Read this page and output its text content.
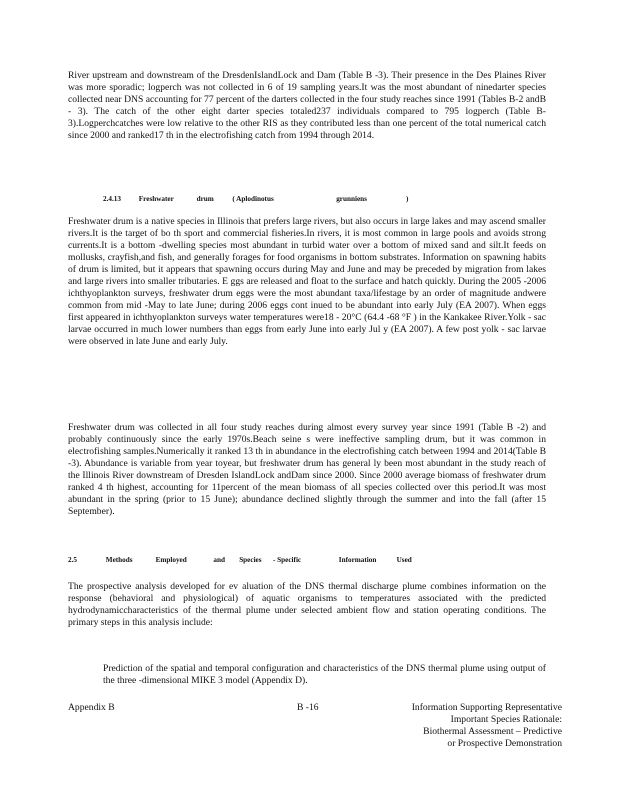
River upstream and downstream of the DresdenIslandLock and Dam (Table B -3). Their presence in the Des Plaines River was more sporadic; logperch was not collected in 6 of 19 sampling years.It was the most abundant of ninedarter species collected near DNS accounting for 77 percent of the darters collected in the four study reaches since 1991 (Tables B-2 andB - 3). The catch of the other eight darter species totaled237 individuals compared to 795 logperch (Table B-3).Logperchcatches were low relative to the other RIS as they contributed less than one percent of the total numerical catch since 2000 and ranked17 th in the electrofishing catch from 1994 through 2014.
2.4.13 Freshwater	drum	( Aplodinotus	grunniens	)
Freshwater drum is a native species in Illinois that prefers large rivers, but also occurs in large lakes and may ascend smaller rivers.It is the target of bo th sport and commercial fisheries.In rivers, it is most common in large pools and avoids strong currents.It is a bottom -dwelling species most abundant in turbid water over a bottom of mixed sand and silt.It feeds on mollusks, crayfish,and fish, and generally forages for food organisms in bottom substrates. Information on spawning habits of drum is limited, but it appears that spawning occurs during May and June and may be preceded by migration from lakes and large rivers into smaller tributaries. E ggs are released and float to the surface and hatch quickly. During the 2005 -2006 ichthyoplankton surveys, freshwater drum eggs were the most abundant taxa/lifestage by an order of magnitude andwere common from mid -May to late June; during 2006 eggs cont inued to be abundant into early July (EA 2007). When eggs first appeared in ichthyoplankton surveys water temperatures were18 - 20°C (64.4 -68 °F ) in the Kankakee River.Yolk - sac larvae occurred in much lower numbers than eggs from early June into early Jul y (EA 2007). A few post yolk - sac larvae were observed in late June and early July.
Freshwater drum was collected in all four study reaches during almost every survey year since 1991 (Table B -2) and probably continuously since the early 1970s.Beach seine s were ineffective sampling drum, but it was common in electrofishing samples.Numerically it ranked 13 th in abundance in the electrofishing catch between 1994 and 2014(Table B -3). Abundance is variable from year toyear, but freshwater drum has general ly been most abundant in the study reach of the Illinois River downstream of Dresden IslandLock andDam since 2000. Since 2000 average biomass of freshwater drum ranked 4 th highest, accounting for 11percent of the mean biomass of all species collected over this period.It was most abundant in the spring (prior to 15 June); abundance declined slightly through the summer and into the fall (after 15 September).
2.5	Methods	Employed	and Species - Specific	Information	Used
The prospective analysis developed for ev aluation of the DNS thermal discharge plume combines information on the response (behavioral and physiological) of aquatic organisms to temperatures associated with the predicted hydrodynamiccharacteristics of the thermal plume under selected ambient flow and station operating conditions. The primary steps in this analysis include:
Prediction of the spatial and temporal configuration and characteristics of the DNS thermal plume using output of the three -dimensional MIKE 3 model (Appendix D).
Appendix B	B -16	Information Supporting Representative
Important Species Rationale:
Biothermal Assessment – Predictive
or Prospective Demonstration
